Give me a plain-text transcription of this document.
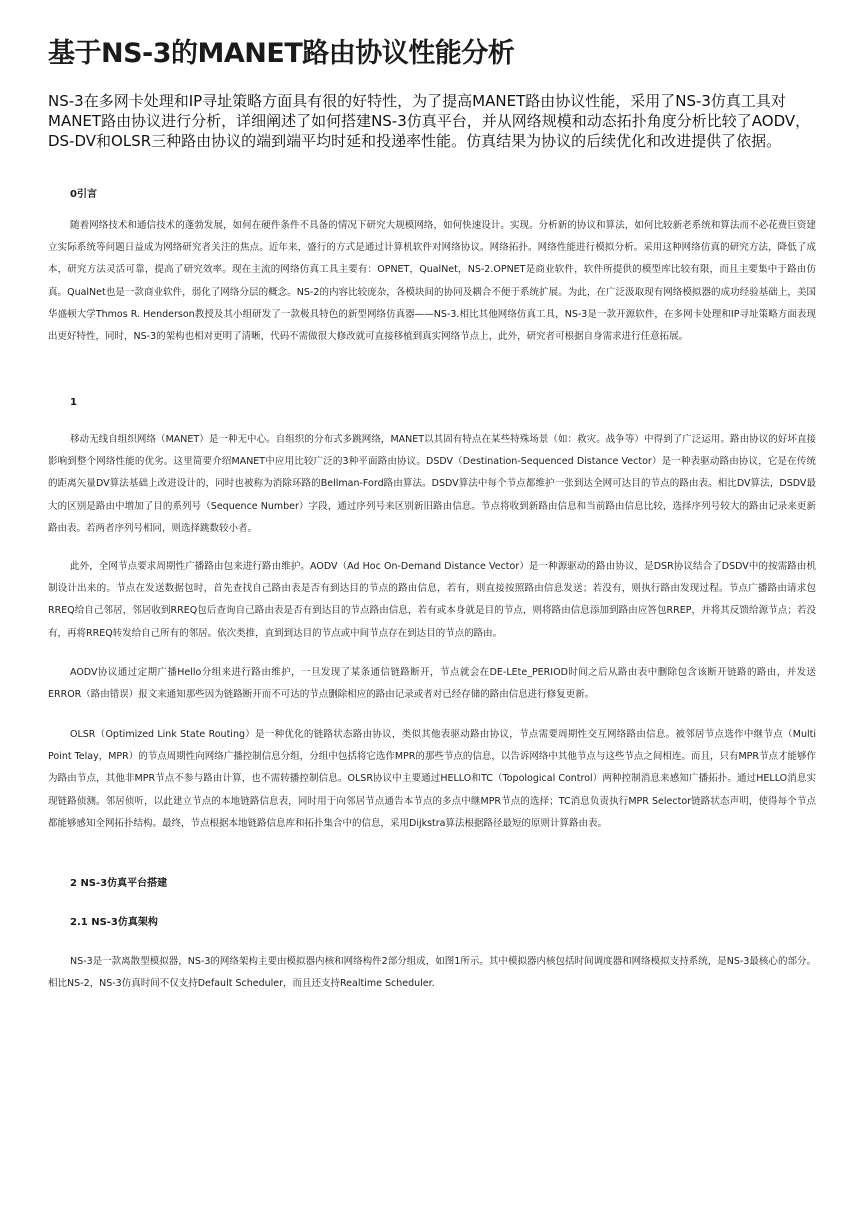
基于NS-3的MANET路由协议性能分析
NS-3在多网卡处理和IP寻址策略方面具有很的好特性，为了提高MANET路由协议性能，采用了NS-3仿真工具对MANET路由协议进行分析，详细阐述了如何搭建NS-3仿真平台，并从网络规模和动态拓扑角度分析比较了AODV，DS-DV和OLSR三种路由协议的端到端平均时延和投递率性能。仿真结果为协议的后续优化和改进提供了依据。
0引言
随着网络技术和通信技术的蓬勃发展，如何在硬件条件不具备的情况下研究大规模网络，如何快速设计。实现。分析新的协议和算法，如何比较新老系统和算法而不必花费巨资建立实际系统等问题日益成为网络研究者关注的焦点。近年来，盛行的方式是通过计算机软件对网络协议。网络拓扑。网络性能进行模拟分析。采用这种网络仿真的研究方法，降低了成本，研究方法灵活可靠，提高了研究效率。现在主流的网络仿真工具主要有：OPNET，QualNet，NS-2.OPNET是商业软件，软件所提供的模型库比较有限，而且主要集中于路由仿真。QualNet也是一款商业软件，弱化了网络分层的概念。NS-2的内容比较庞杂，各模块间的协同及耦合不便于系统扩展。为此，在广泛汲取现有网络模拟器的成功经验基础上，美国华盛顿大学Thmos R. Henderson教授及其小组研发了一款极具特色的新型网络仿真器——NS-3.相比其他网络仿真工具，NS-3是一款开源软件，在多网卡处理和IP寻址策略方面表现出更好特性，同时，NS-3的架构也相对更明了清晰，代码不需做很大修改就可直接移植到真实网络节点上，此外，研究者可根据自身需求进行任意拓展。
1
移动无线自组织网络（MANET）是一种无中心。自组织的分布式多跳网络，MANET以其固有特点在某些特殊场景（如：救灾。战争等）中得到了广泛运用。路由协议的好坏直接影响到整个网络性能的优劣。这里简要介绍MANET中应用比较广泛的3种平面路由协议。DSDV（Destination-Sequenced Distance Vector）是一种表驱动路由协议，它是在传统的距离矢量DV算法基础上改进设计的，同时也被称为消除环路的Bellman-Ford路由算法。DSDV算法中每个节点都维护一张到达全网可达目的节点的路由表。相比DV算法，DSDV最大的区别是路由中增加了目的系列号（Sequence Number）字段，通过序列号来区别新旧路由信息。节点将收到新路由信息和当前路由信息比较，选择序列号较大的路由记录来更新路由表。若两者序列号相同，则选择跳数较小者。
此外，全网节点要求周期性广播路由包来进行路由维护。AODV（Ad Hoc On-Demand Distance Vector）是一种源驱动的路由协议，是DSR协议结合了DSDV中的按需路由机制设计出来的。节点在发送数据包时，首先查找自己路由表是否有到达目的节点的路由信息，若有，则直接按照路由信息发送；若没有，则执行路由发现过程。节点广播路由请求包RREQ给自己邻居，邻居收到RREQ包后查询自己路由表是否有到达目的节点路由信息，若有或本身就是目的节点，则将路由信息添加到路由应答包RREP，并将其反馈给源节点；若没有，再将RREQ转发给自己所有的邻居。依次类推，直到到达目的节点或中间节点存在到达目的节点的路由。
AODV协议通过定期广播Hello分组来进行路由维护，一旦发现了某条通信链路断开，节点就会在DE-LEte_PERIOD时间之后从路由表中删除包含该断开链路的路由，并发送ERROR（路由错误）报文来通知那些因为链路断开而不可达的节点删除相应的路由记录或者对已经存储的路由信息进行修复更新。
OLSR（Optimized Link State Routing）是一种优化的链路状态路由协议，类似其他表驱动路由协议，节点需要周期性交互网络路由信息。被邻居节点选作中继节点（Multi Point Telay，MPR）的节点周期性向网络广播控制信息分组，分组中包括将它选作MPR的那些节点的信息，以告诉网络中其他节点与这些节点之间相连。而且，只有MPR节点才能够作为路由节点，其他非MPR节点不参与路由计算，也不需转播控制信息。OLSR协议中主要通过HELLO和TC（Topological Control）两种控制消息来感知广播拓扑。通过HELLO消息实现链路侦测。邻居侦听，以此建立节点的本地链路信息表，同时用于向邻居节点通告本节点的多点中继MPR节点的选择；TC消息负责执行MPR Selector链路状态声明，使得每个节点都能够感知全网拓扑结构。最终，节点根据本地链路信息库和拓扑集合中的信息，采用Dijkstra算法根据路径最短的原则计算路由表。
2 NS-3仿真平台搭建
2.1 NS-3仿真架构
NS-3是一款离散型模拟器，NS-3的网络架构主要由模拟器内核和网络构件2部分组成，如图1所示。其中模拟器内核包括时间调度器和网络模拟支持系统，是NS-3最核心的部分。相比NS-2，NS-3仿真时间不仅支持Default Scheduler，而且还支持Realtime Scheduler.
